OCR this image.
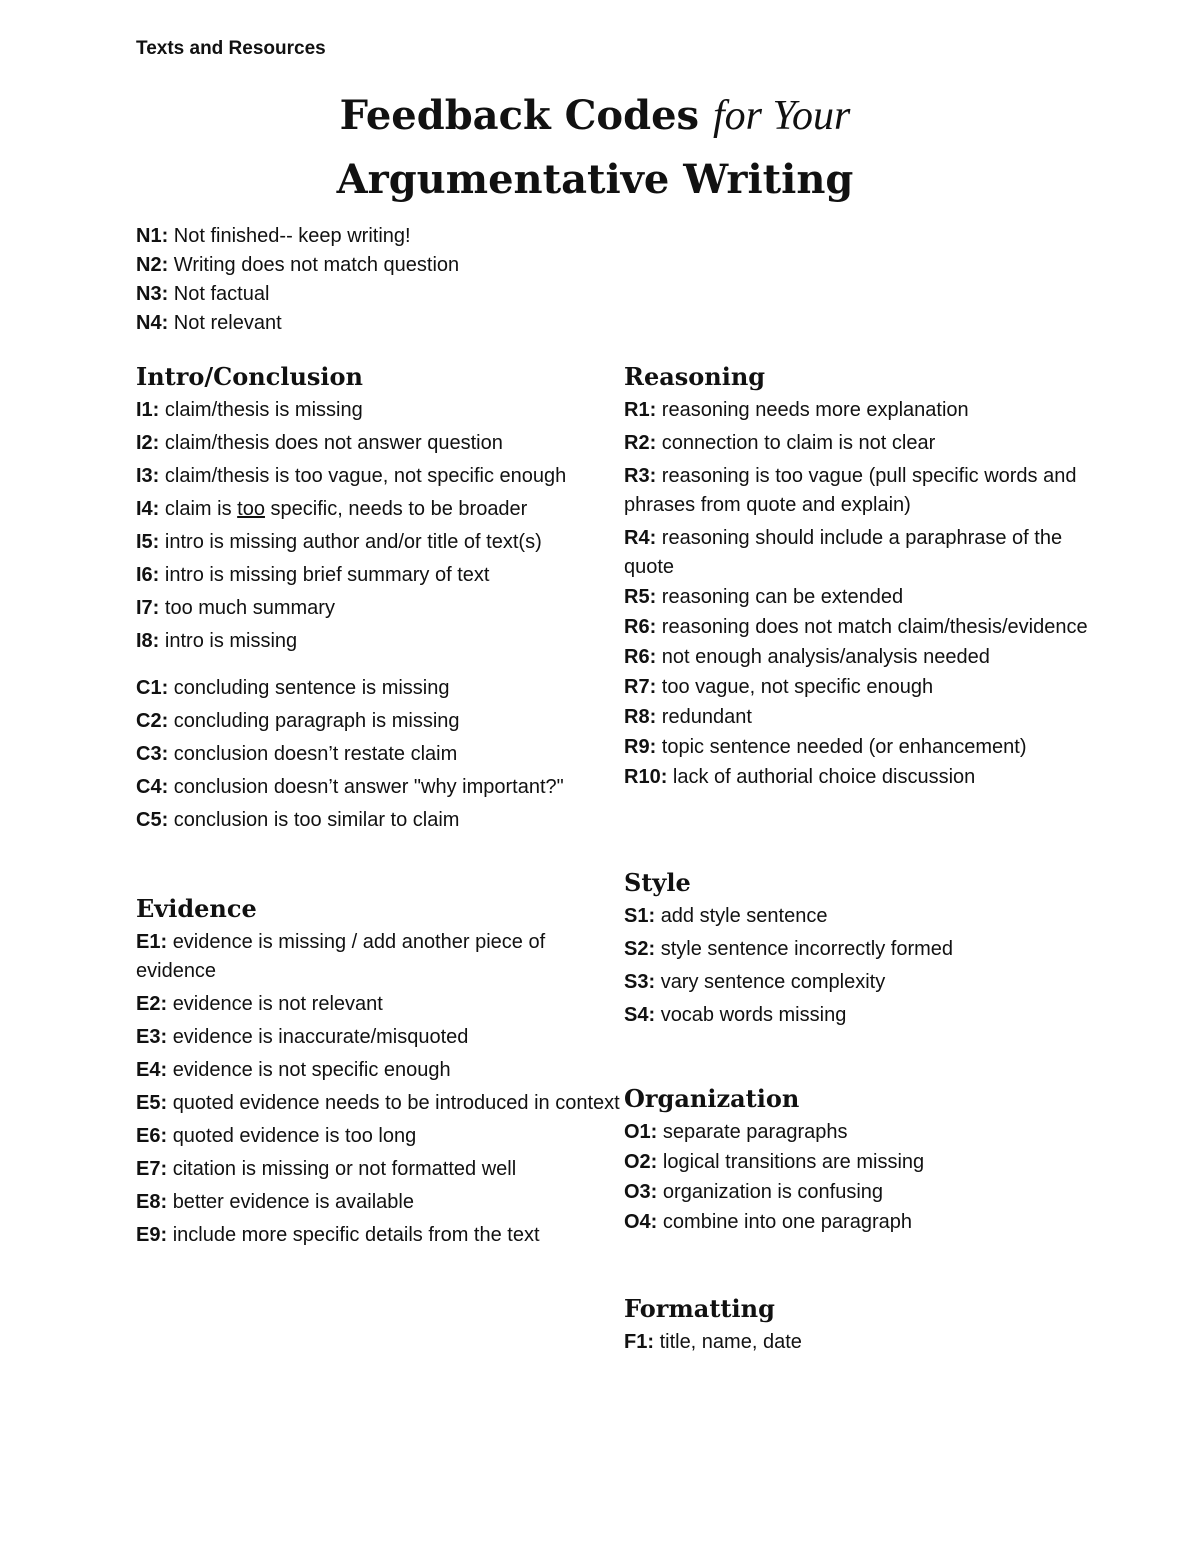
Texts and Resources
Feedback Codes for Your
Argumentative Writing
N1: Not finished-- keep writing!
N2: Writing does not match question
N3: Not factual
N4: Not relevant
Intro/Conclusion
I1: claim/thesis is missing
I2: claim/thesis does not answer question
I3: claim/thesis is too vague, not specific enough
I4: claim is too specific, needs to be broader
I5: intro is missing author and/or title of text(s)
I6: intro is missing brief summary of text
I7: too much summary
I8: intro is missing
C1: concluding sentence is missing
C2: concluding paragraph is missing
C3: conclusion doesn’t restate claim
C4: conclusion doesn’t answer "why important?"
C5: conclusion is too similar to claim
Evidence
E1: evidence is missing / add another piece of evidence
E2: evidence is not relevant
E3: evidence is inaccurate/misquoted
E4: evidence is not specific enough
E5: quoted evidence needs to be introduced in context
E6: quoted evidence is too long
E7: citation is missing or not formatted well
E8: better evidence is available
E9: include more specific details from the text
Reasoning
R1: reasoning needs more explanation
R2: connection to claim is not clear
R3: reasoning is too vague (pull specific words and phrases from quote and explain)
R4: reasoning should include a paraphrase of the quote
R5: reasoning can be extended
R6: reasoning does not match claim/thesis/evidence
R6: not enough analysis/analysis needed
R7: too vague, not specific enough
R8: redundant
R9: topic sentence needed (or enhancement)
R10: lack of authorial choice discussion
Style
S1: add style sentence
S2: style sentence incorrectly formed
S3: vary sentence complexity
S4: vocab words missing
Organization
O1: separate paragraphs
O2: logical transitions are missing
O3: organization is confusing
O4: combine into one paragraph
Formatting
F1: title, name, date
